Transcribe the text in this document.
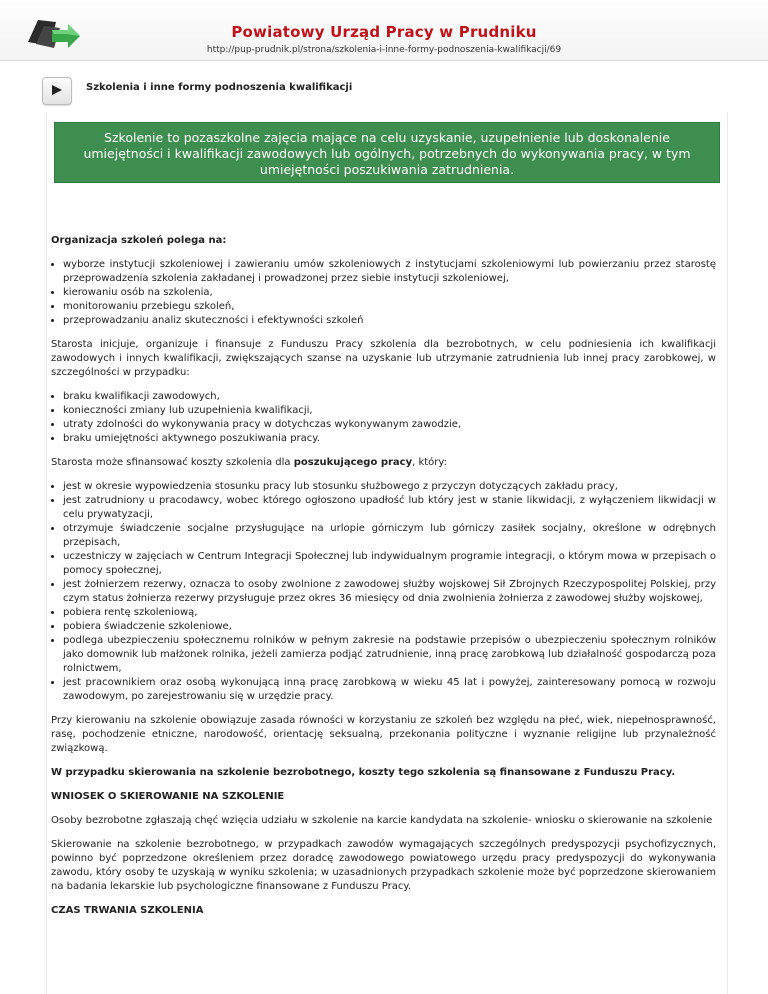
Powiatowy Urząd Pracy w Prudniku
http://pup-prudnik.pl/strona/szkolenia-i-inne-formy-podnoszenia-kwalifikacji/69
Szkolenia i inne formy podnoszenia kwalifikacji
Szkolenie to pozaszkolne zajęcia mające na celu uzyskanie, uzupełnienie lub doskonalenie umiejętności i kwalifikacji zawodowych lub ogólnych, potrzebnych do wykonywania pracy, w tym umiejętności poszukiwania zatrudnienia.
Organizacja szkoleń polega na:
• wyborze instytucji szkoleniowej i zawieraniu umów szkoleniowych z instytucjami szkoleniowymi lub powierzaniu przez starostę przeprowadzenia szkolenia zakładanej i prowadzonej przez siebie instytucji szkoleniowej,
• kierowaniu osób na szkolenia,
• monitorowaniu przebiegu szkoleń,
• przeprowadzaniu analiz skuteczności i efektywności szkoleń

Starosta inicjuje, organizuje i finansuje z Funduszu Pracy szkolenia dla bezrobotnych, w celu podniesienia ich kwalifikacji zawodowych i innych kwalifikacji, zwiększających szanse na uzyskanie lub utrzymanie zatrudnienia lub innej pracy zarobkowej, w szczególności w przypadku:

• braku kwalifikacji zawodowych,
• konieczności zmiany lub uzupełnienia kwalifikacji,
• utraty zdolności do wykonywania pracy w dotychczas wykonywanym zawodzie,
• braku umiejętności aktywnego poszukiwania pracy.

Starosta może sfinansować koszty szkolenia dla poszukującego pracy, który:

• jest w okresie wypowiedzenia stosunku pracy lub stosunku służbowego z przyczyn dotyczących zakładu pracy,
• jest zatrudniony u pracodawcy, wobec którego ogłoszono upadłość lub który jest w stanie likwidacji, z wyłączeniem likwidacji w celu prywatyzacji,
• otrzymuje świadczenie socjalne przysługujące na urlopie górniczym lub górniczy zasiłek socjalny, określone w odrębnych przepisach,
• uczestniczy w zajęciach w Centrum Integracji Społecznej lub indywidualnym programie integracji, o którym mowa w przepisach o pomocy społecznej,
• jest żołnierzem rezerwy, oznacza to osoby zwolnione z zawodowej służby wojskowej Sił Zbrojnych Rzeczypospolitej Polskiej, przy czym status żołnierza rezerwy przysługuje przez okres 36 miesięcy od dnia zwolnienia żołnierza z zawodowej służby wojskowej,
• pobiera rentę szkoleniową,
• pobiera świadczenie szkoleniowe,
• podlega ubezpieczeniu społecznemu rolników w pełnym zakresie na podstawie przepisów o ubezpieczeniu społecznym rolników jako domownik lub małżonek rolnika, jeżeli zamierza podjąć zatrudnienie, inną pracę zarobkową lub działalność gospodarczą poza rolnictwem,
• jest pracownikiem oraz osobą wykonującą inną pracę zarobkową w wieku 45 lat i powyżej, zainteresowany pomocą w rozwoju zawodowym, po zarejestrowaniu się w urzędzie pracy.

Przy kierowaniu na szkolenie obowiązuje zasada równości w korzystaniu ze szkoleń bez względu na płeć, wiek, niepełnosprawność, rasę, pochodzenie etniczne, narodowość, orientację seksualną, przekonania polityczne i wyznanie religijne lub przynależność związkową.

W przypadku skierowania na szkolenie bezrobotnego, koszty tego szkolenia są finansowane z Funduszu Pracy.

WNIOSEK O SKIEROWANIE NA SZKOLENIE

Osoby bezrobotne zgłaszają chęć wzięcia udziału w szkolenie na karcie kandydata na szkolenie- wniosku o skierowanie na szkolenie

Skierowanie na szkolenie bezrobotnego, w przypadkach zawodów wymagających szczególnych predyspozycji psychofizycznych, powinno być poprzedzone określeniem przez doradcę zawodowego powiatowego urzędu pracy predyspozycji do wykonywania zawodu, który osoby te uzyskają w wyniku szkolenia; w uzasadnionych przypadkach szkolenie może być poprzedzone skierowaniem na badania lekarskie lub psychologiczne finansowane z Funduszu Pracy.

CZAS TRWANIA SZKOLENIA
